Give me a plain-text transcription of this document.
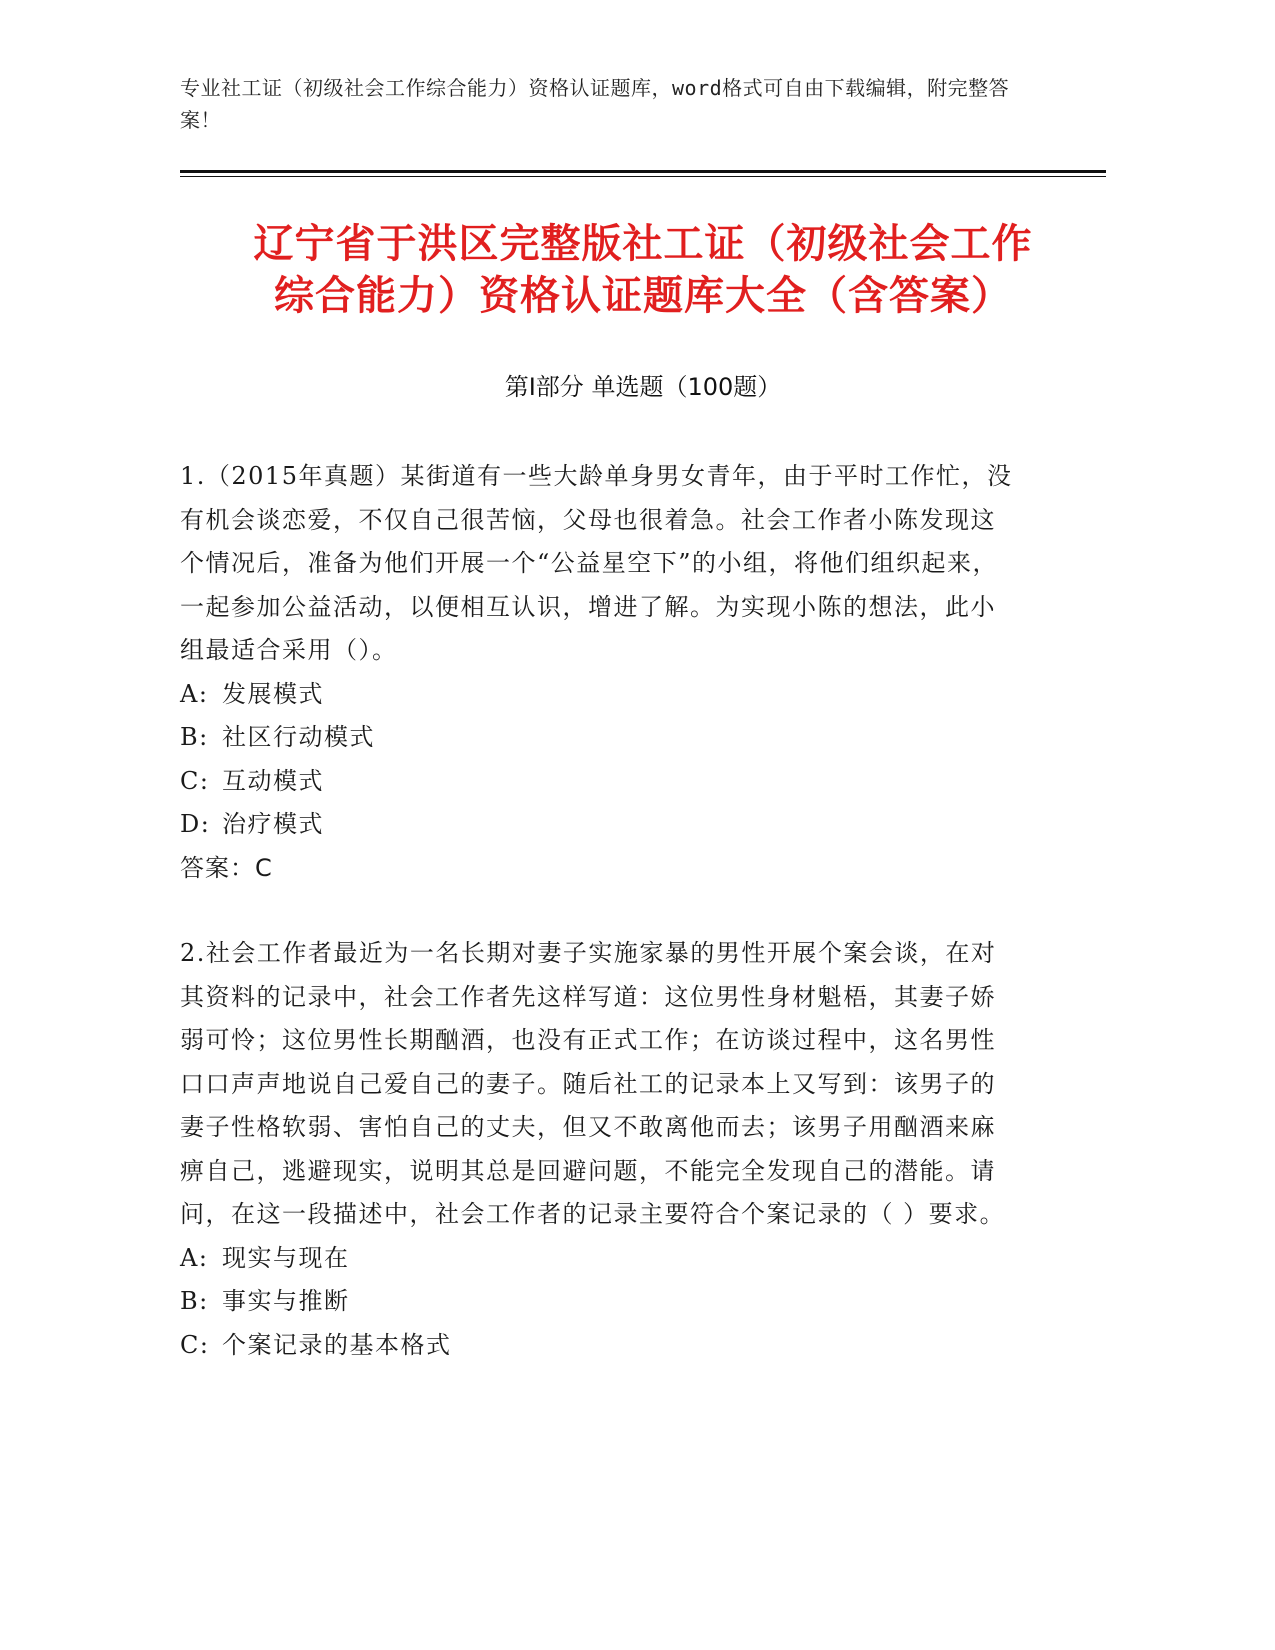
专业社工证（初级社会工作综合能力）资格认证题库，word格式可自由下载编辑，附完整答案！
辽宁省于洪区完整版社工证（初级社会工作
综合能力）资格认证题库大全（含答案）
第Ⅰ部分 单选题（100题）

1.（2015年真题）某街道有一些大龄单身男女青年，由于平时工作忙，没有机会谈恋爱，不仅自己很苦恼，父母也很着急。社会工作者小陈发现这个情况后，准备为他们开展一个“公益星空下”的小组，将他们组织起来，一起参加公益活动，以便相互认识，增进了解。为实现小陈的想法，此小组最适合采用（）。

A: 发展模式
B: 社区行动模式
C: 互动模式
D: 治疗模式

答案：C

2.社会工作者最近为一名长期对妻子实施家暴的男性开展个案会谈，在对其资料的记录中，社会工作者先这样写道：这位男性身材魁梧，其妻子娇弱可怜；这位男性长期酗酒，也没有正式工作；在访谈过程中，这名男性口口声声地说自己爱自己的妻子。随后社工的记录本上又写到：该男子的妻子性格软弱、害怕自己的丈夫，但又不敢离他而去；该男子用酗酒来麻痹自己，逃避现实，说明其总是回避问题，不能完全发现自己的潜能。请问，在这一段描述中，社会工作者的记录主要符合个案记录的（ ）要求。

A: 现实与现在
B: 事实与推断
C: 个案记录的基本格式
